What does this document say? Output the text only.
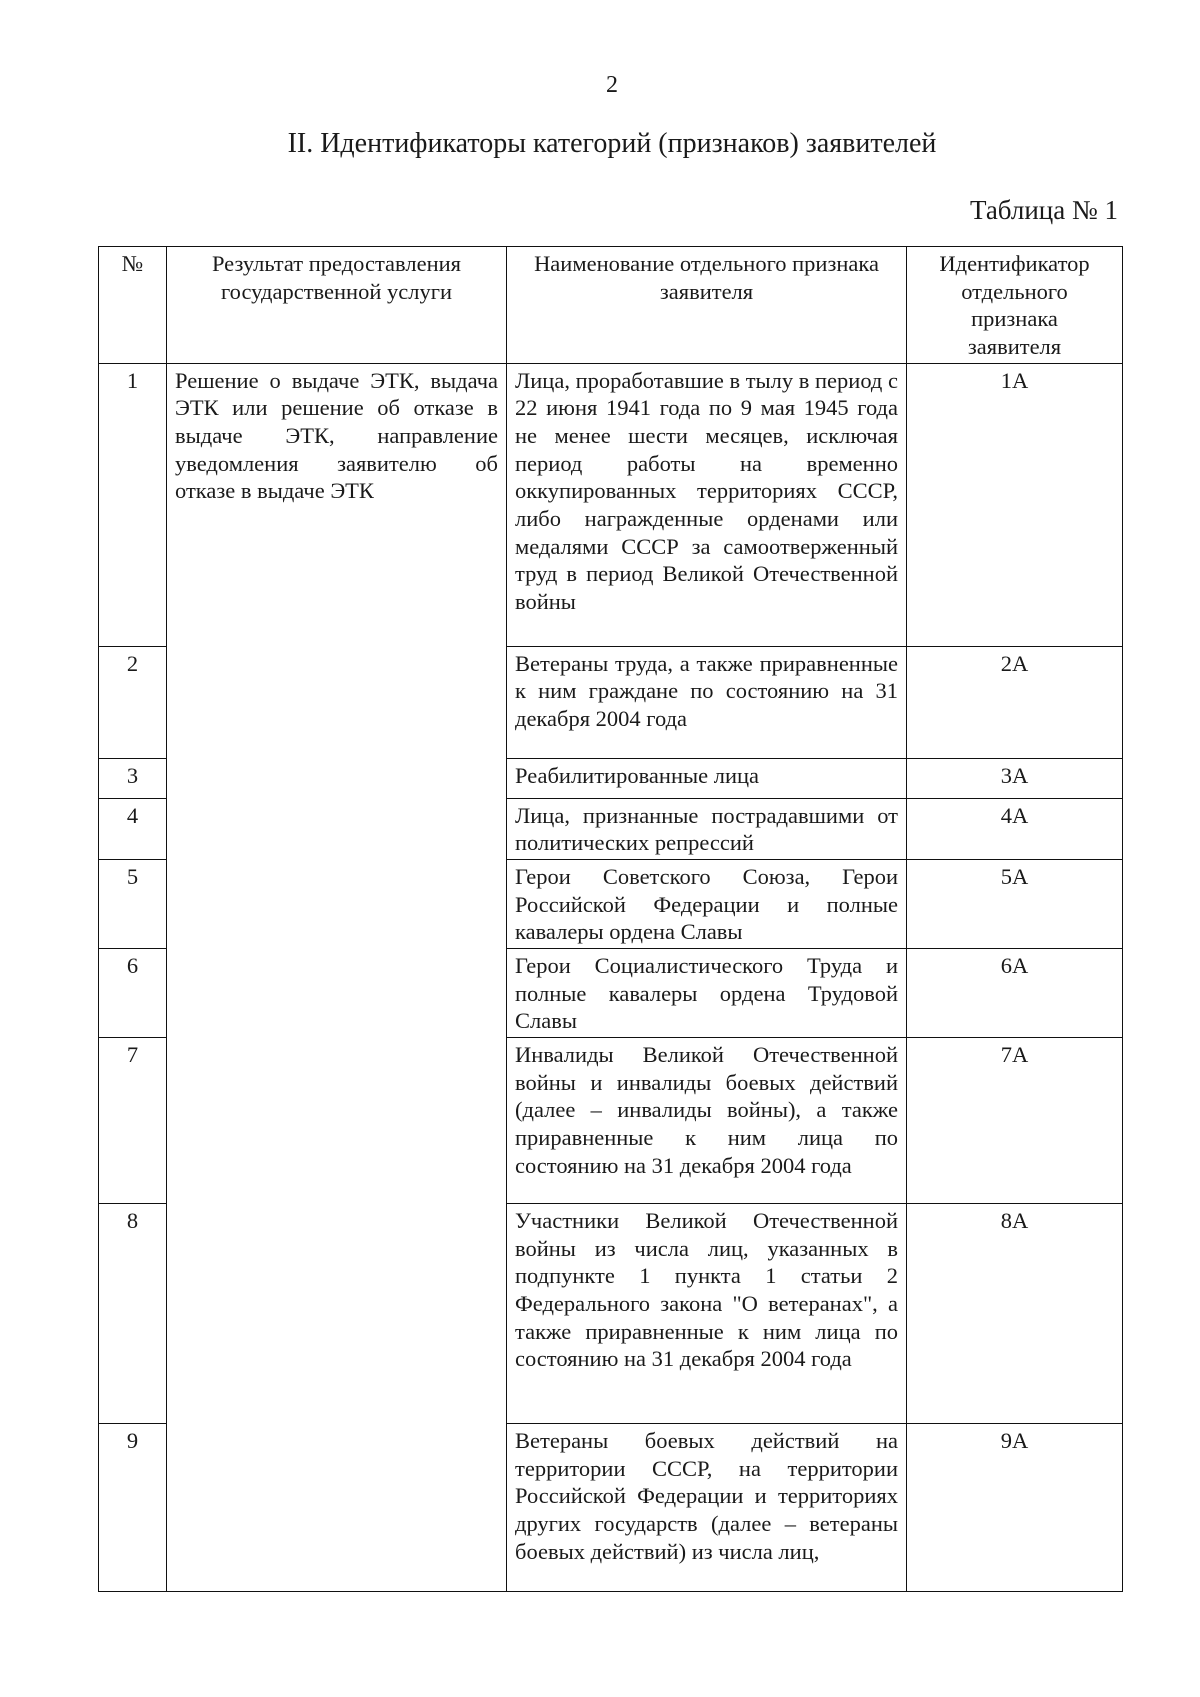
2
II. Идентификаторы категорий (признаков) заявителей
Таблица № 1
№	Результат предоставления государственной услуги	Наименование отдельного признака заявителя	Идентификатор отдельного признака заявителя
1	Решение о выдаче ЭТК, выдача ЭТК или решение об отказе в выдаче ЭТК, направление уведомления заявителю об отказе в выдаче ЭТК	Лица, проработавшие в тылу в период с 22 июня 1941 года по 9 мая 1945 года не менее шести месяцев, исключая период работы на временно оккупированных территориях СССР, либо награжденные орденами или медалями СССР за самоотверженный труд в период Великой Отечественной войны	1А
2		Ветераны труда, а также приравненные к ним граждане по состоянию на 31 декабря 2004 года	2А
3		Реабилитированные лица	3А
4		Лица, признанные пострадавшими от политических репрессий	4А
5		Герои Советского Союза, Герои Российской Федерации и полные кавалеры ордена Славы	5А
6		Герои Социалистического Труда и полные кавалеры ордена Трудовой Славы	6А
7		Инвалиды Великой Отечественной войны и инвалиды боевых действий (далее – инвалиды войны), а также приравненные к ним лица по состоянию на 31 декабря 2004 года	7А
8		Участники Великой Отечественной войны из числа лиц, указанных в подпункте 1 пункта 1 статьи 2 Федерального закона "О ветеранах", а также приравненные к ним лица по состоянию на 31 декабря 2004 года	8А
9		Ветераны боевых действий на территории СССР, на территории Российской Федерации и территориях других государств (далее – ветераны боевых действий) из числа лиц,	9А
